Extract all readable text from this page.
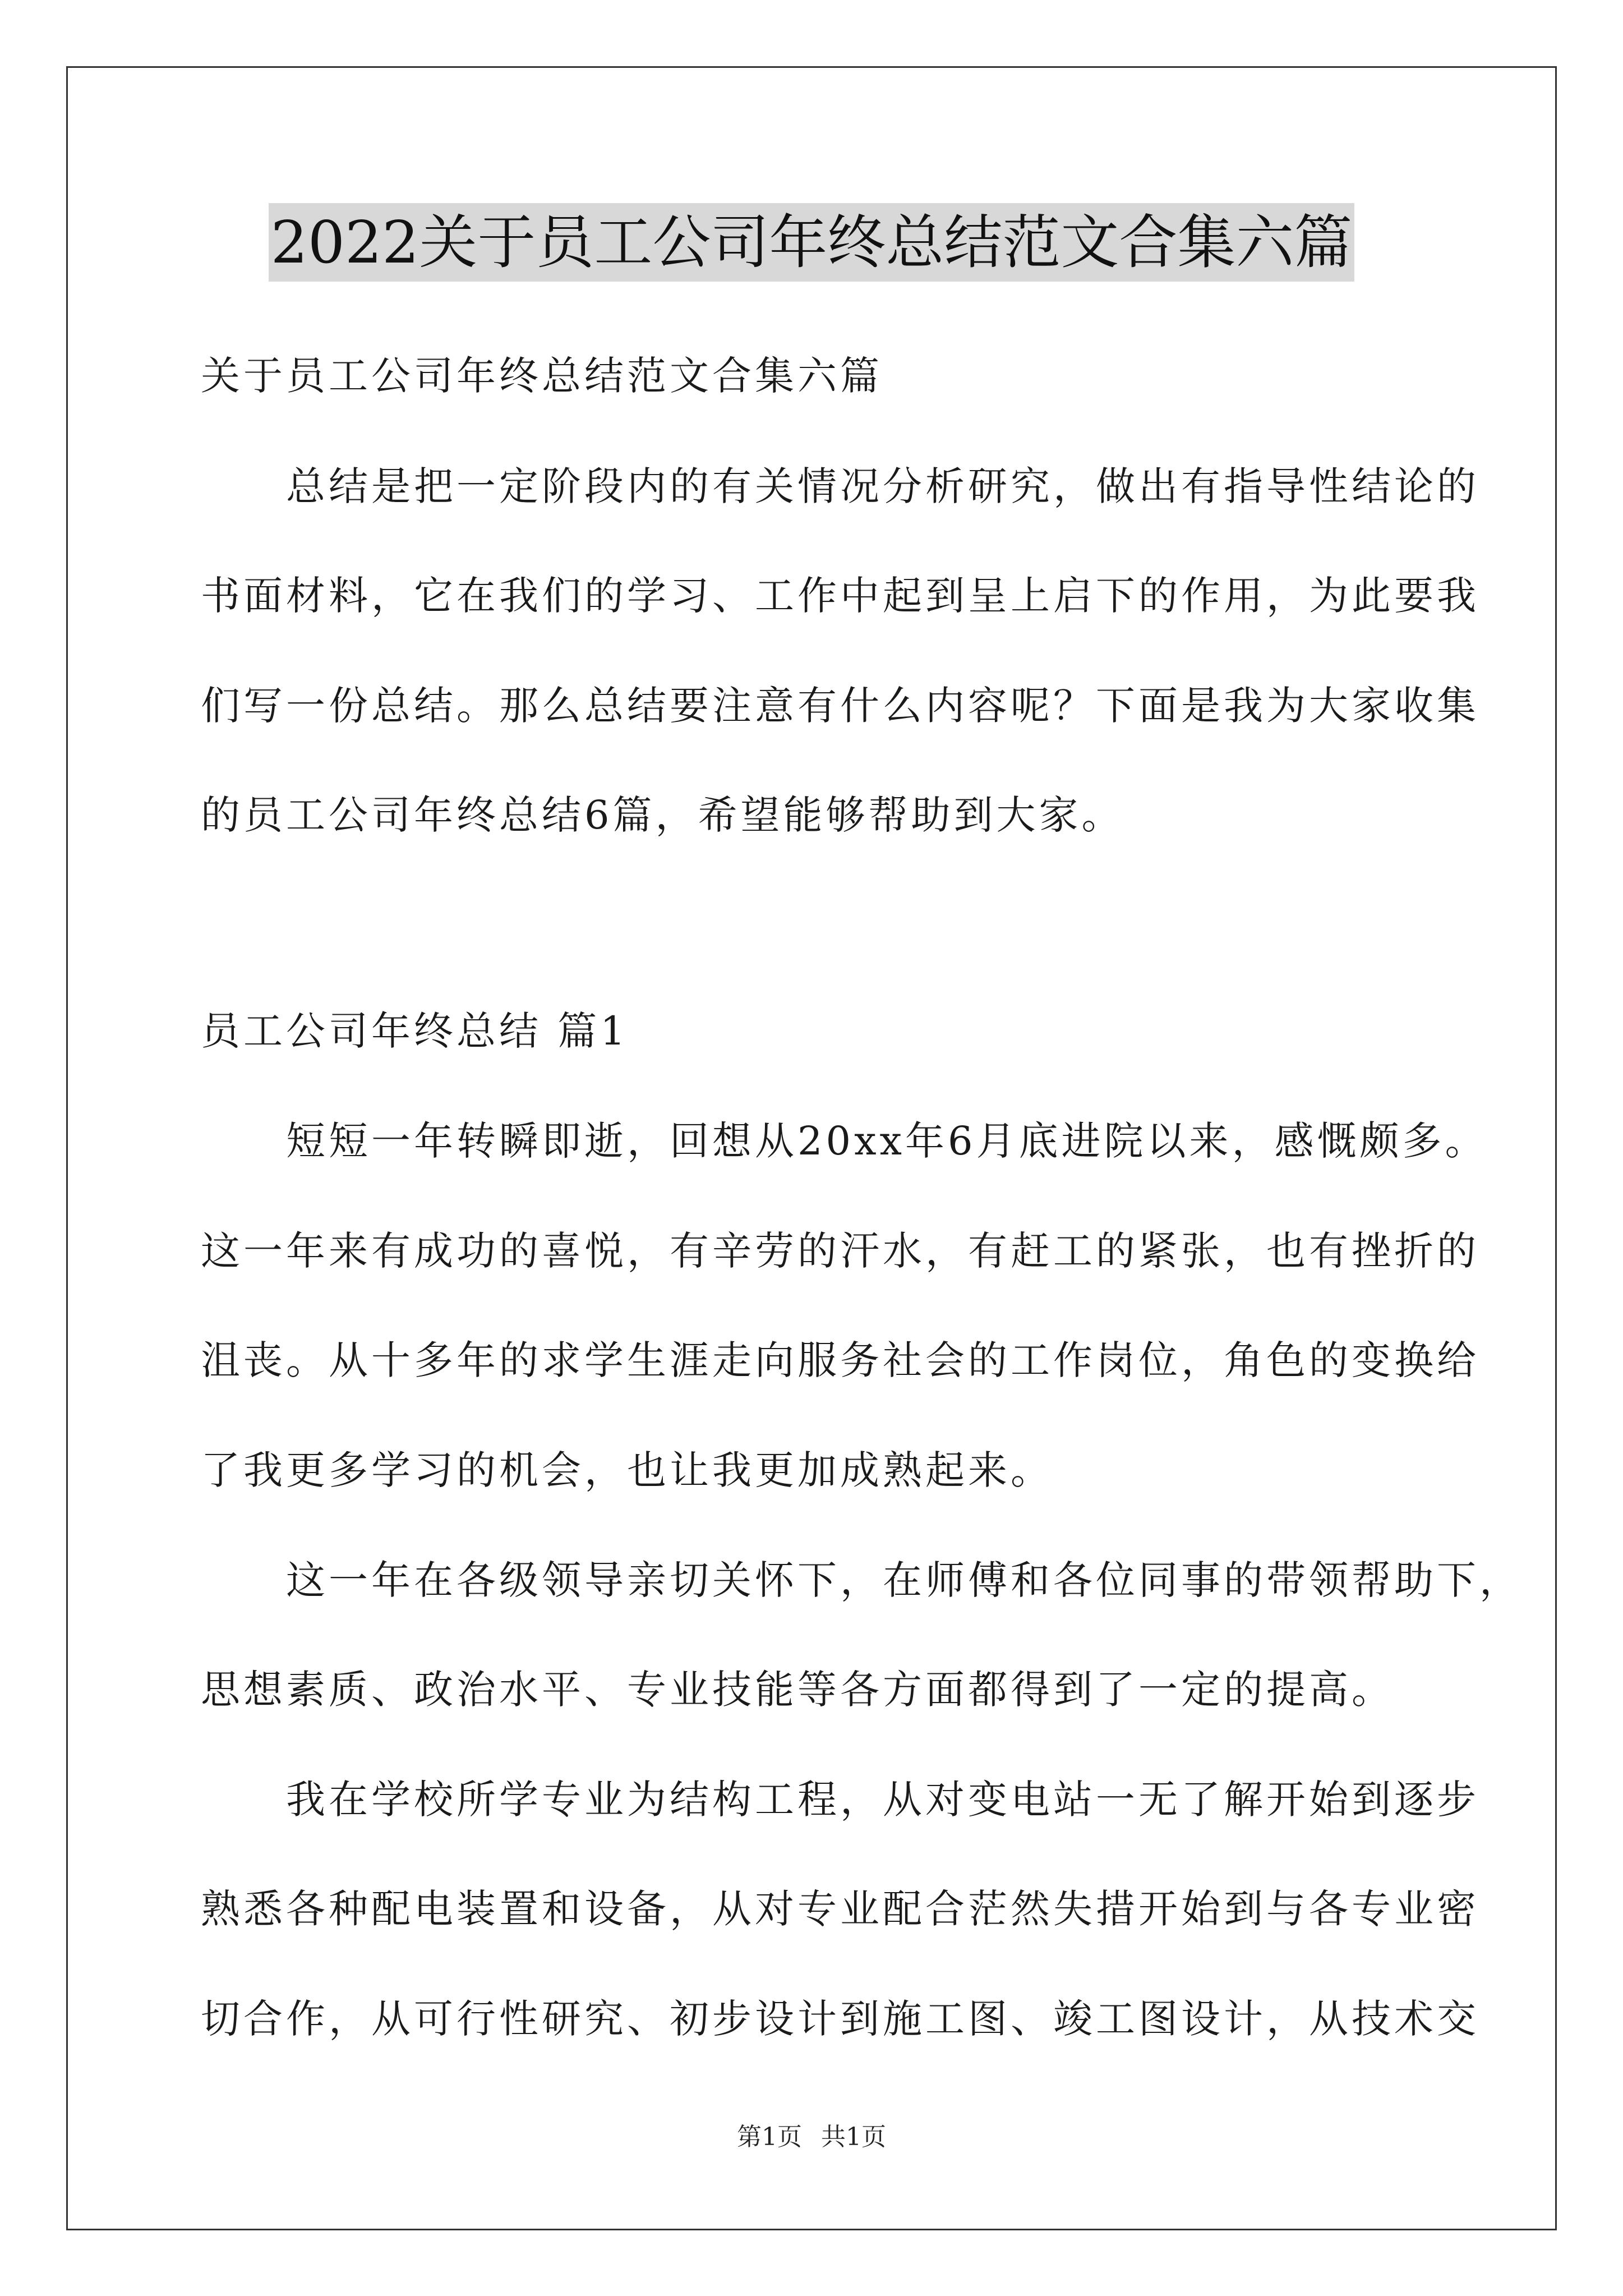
2022关于员工公司年终总结范文合集六篇
关于员工公司年终总结范文合集六篇
　　总结是把一定阶段内的有关情况分析研究，做出有指导性结论的
书面材料，它在我们的学习、工作中起到呈上启下的作用，为此要我
们写一份总结。那么总结要注意有什么内容呢？下面是我为大家收集
的员工公司年终总结6篇，希望能够帮助到大家。
员工公司年终总结 篇1
　　短短一年转瞬即逝，回想从20xx年6月底进院以来，感慨颇多。
这一年来有成功的喜悦，有辛劳的汗水，有赶工的紧张，也有挫折的
沮丧。从十多年的求学生涯走向服务社会的工作岗位，角色的变换给
了我更多学习的机会，也让我更加成熟起来。
　　这一年在各级领导亲切关怀下，在师傅和各位同事的带领帮助下，
思想素质、政治水平、专业技能等各方面都得到了一定的提高。
　　我在学校所学专业为结构工程，从对变电站一无了解开始到逐步
熟悉各种配电装置和设备，从对专业配合茫然失措开始到与各专业密
切合作，从可行性研究、初步设计到施工图、竣工图设计，从技术交
第1页 共1页
